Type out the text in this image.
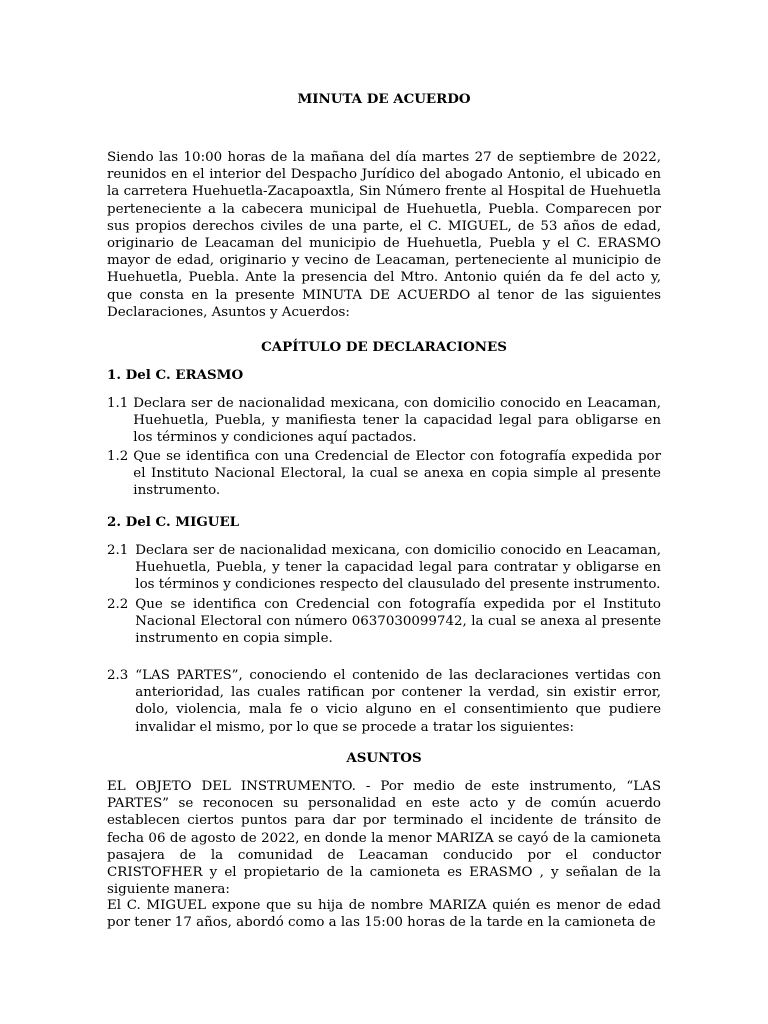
MINUTA DE ACUERDO
Siendo las 10:00 horas de la mañana del día martes 27 de septiembre de 2022, reunidos en el interior del Despacho Jurídico del abogado Antonio, el ubicado en la carretera Huehuetla-Zacapoaxtla, Sin Número frente al Hospital de Huehuetla perteneciente a la cabecera municipal de Huehuetla, Puebla. Comparecen por sus propios derechos civiles de una parte, el C. MIGUEL, de 53 años de edad, originario de Leacaman del municipio de Huehuetla, Puebla y el C. ERASMO mayor de edad, originario y vecino de Leacaman, perteneciente al municipio de Huehuetla, Puebla. Ante la presencia del Mtro. Antonio quién da fe del acto y, que consta en la presente MINUTA DE ACUERDO al tenor de las siguientes Declaraciones, Asuntos y Acuerdos:
CAPÍTULO DE DECLARACIONES
1. Del C. ERASMO
1.1 Declara ser de nacionalidad mexicana, con domicilio conocido en Leacaman, Huehuetla, Puebla, y manifiesta tener la capacidad legal para obligarse en los términos y condiciones aquí pactados.
1.2 Que se identifica con una Credencial de Elector con fotografía expedida por el Instituto Nacional Electoral, la cual se anexa en copia simple al presente instrumento.
2. Del C. MIGUEL
2.1 Declara ser de nacionalidad mexicana, con domicilio conocido en Leacaman, Huehuetla, Puebla, y tener la capacidad legal para contratar y obligarse en los términos y condiciones respecto del clausulado del presente instrumento.
2.2 Que se identifica con Credencial con fotografía expedida por el Instituto Nacional Electoral con número 0637030099742, la cual se anexa al presente instrumento en copia simple.
2.3 “LAS PARTES”, conociendo el contenido de las declaraciones vertidas con anterioridad, las cuales ratifican por contener la verdad, sin existir error, dolo, violencia, mala fe o vicio alguno en el consentimiento que pudiere invalidar el mismo, por lo que se procede a tratar los siguientes:
ASUNTOS
EL OBJETO DEL INSTRUMENTO. - Por medio de este instrumento, “LAS PARTES” se reconocen su personalidad en este acto y de común acuerdo establecen ciertos puntos para dar por terminado el incidente de tránsito de fecha 06 de agosto de 2022, en donde la menor MARIZA se cayó de la camioneta pasajera de la comunidad de Leacaman conducido por el conductor CRISTOFHER y el propietario de la camioneta es ERASMO , y señalan de la siguiente manera:
El C. MIGUEL expone que su hija de nombre MARIZA quién es menor de edad por tener 17 años, abordó como a las 15:00 horas de la tarde en la camioneta de
